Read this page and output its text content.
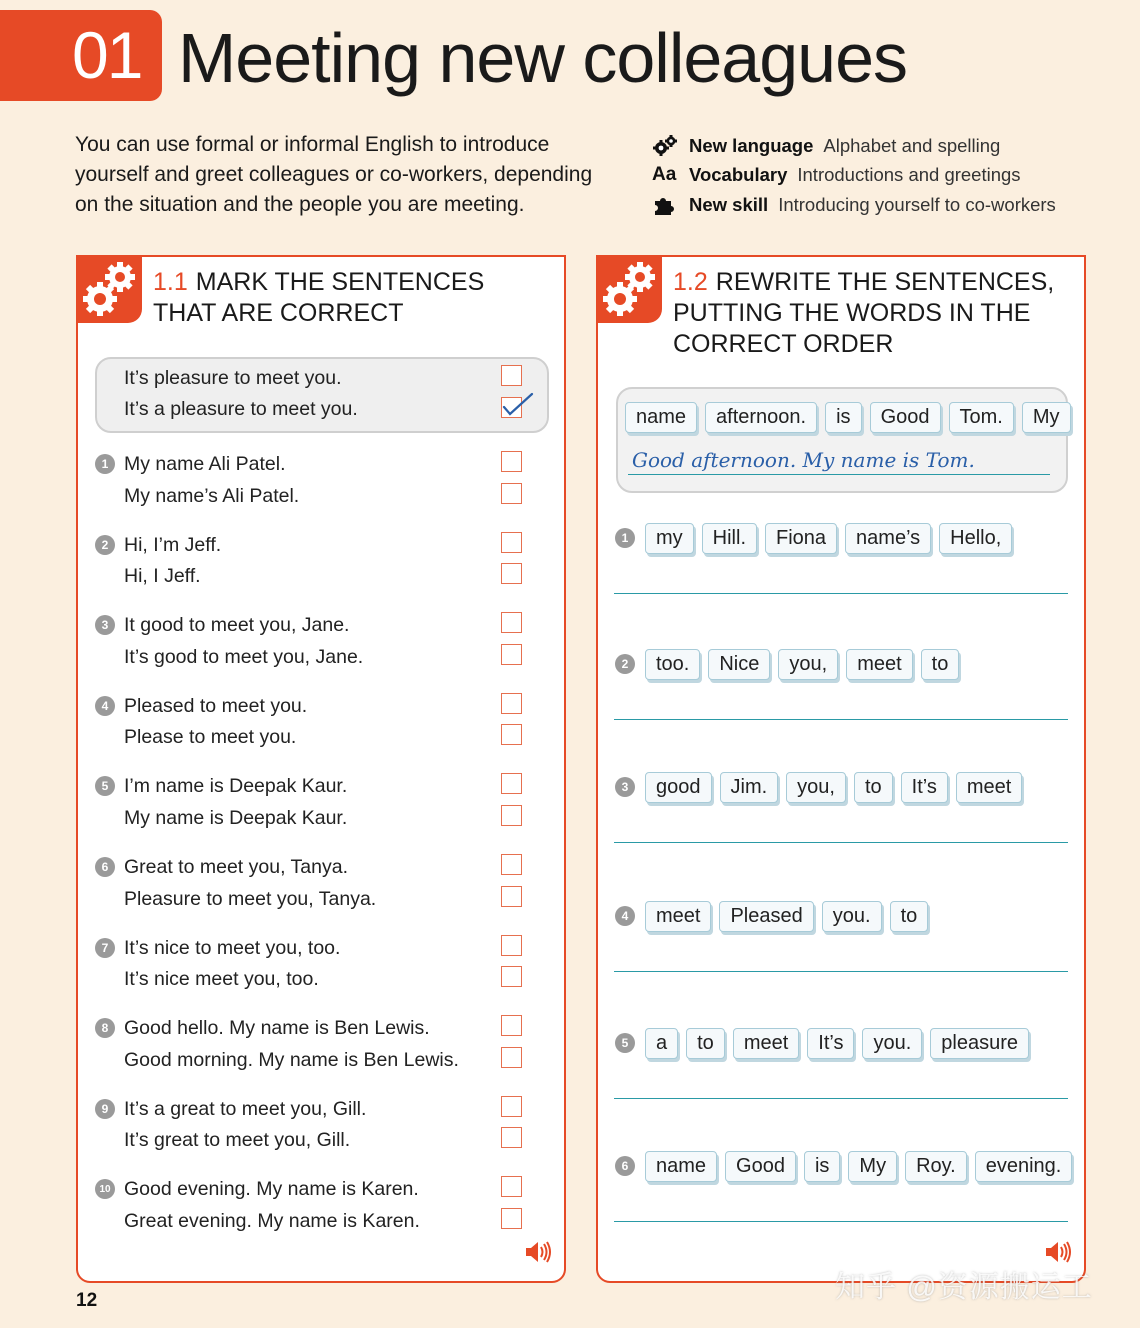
01 Meeting new colleagues

You can use formal or informal English to introduce yourself and greet colleagues or co-workers, depending on the situation and the people you are meeting.

New language Alphabet and spelling
Aa Vocabulary Introductions and greetings
New skill Introducing yourself to co-workers
1.1 MARK THE SENTENCES THAT ARE CORRECT
It’s pleasure to meet you.
It’s a pleasure to meet you.
1 My name Ali Patel.
My name’s Ali Patel.
2 Hi, I’m Jeff.
Hi, I Jeff.
3 It good to meet you, Jane.
It’s good to meet you, Jane.
4 Pleased to meet you.
Please to meet you.
5 I’m name is Deepak Kaur.
My name is Deepak Kaur.
6 Great to meet you, Tanya.
Pleasure to meet you, Tanya.
7 It’s nice to meet you, too.
It’s nice meet you, too.
8 Good hello. My name is Ben Lewis.
Good morning. My name is Ben Lewis.
9 It’s a great to meet you, Gill.
It’s great to meet you, Gill.
10 Good evening. My name is Karen.
Great evening. My name is Karen.
1.2 REWRITE THE SENTENCES, PUTTING THE WORDS IN THE CORRECT ORDER
name	afternoon.	is	Good	Tom.	My
Good afternoon. My name is Tom.
1	my	Hill.	Fiona	name’s	Hello,
2	too.	Nice	you,	meet	to
3	good	Jim.	you,	to	It’s	meet
4	meet	Pleased	you.	to
5	a	to	meet	It’s	you.	pleasure
6	name	Good	is	My	Roy.	evening.
12	知乎 @资源搬运工
